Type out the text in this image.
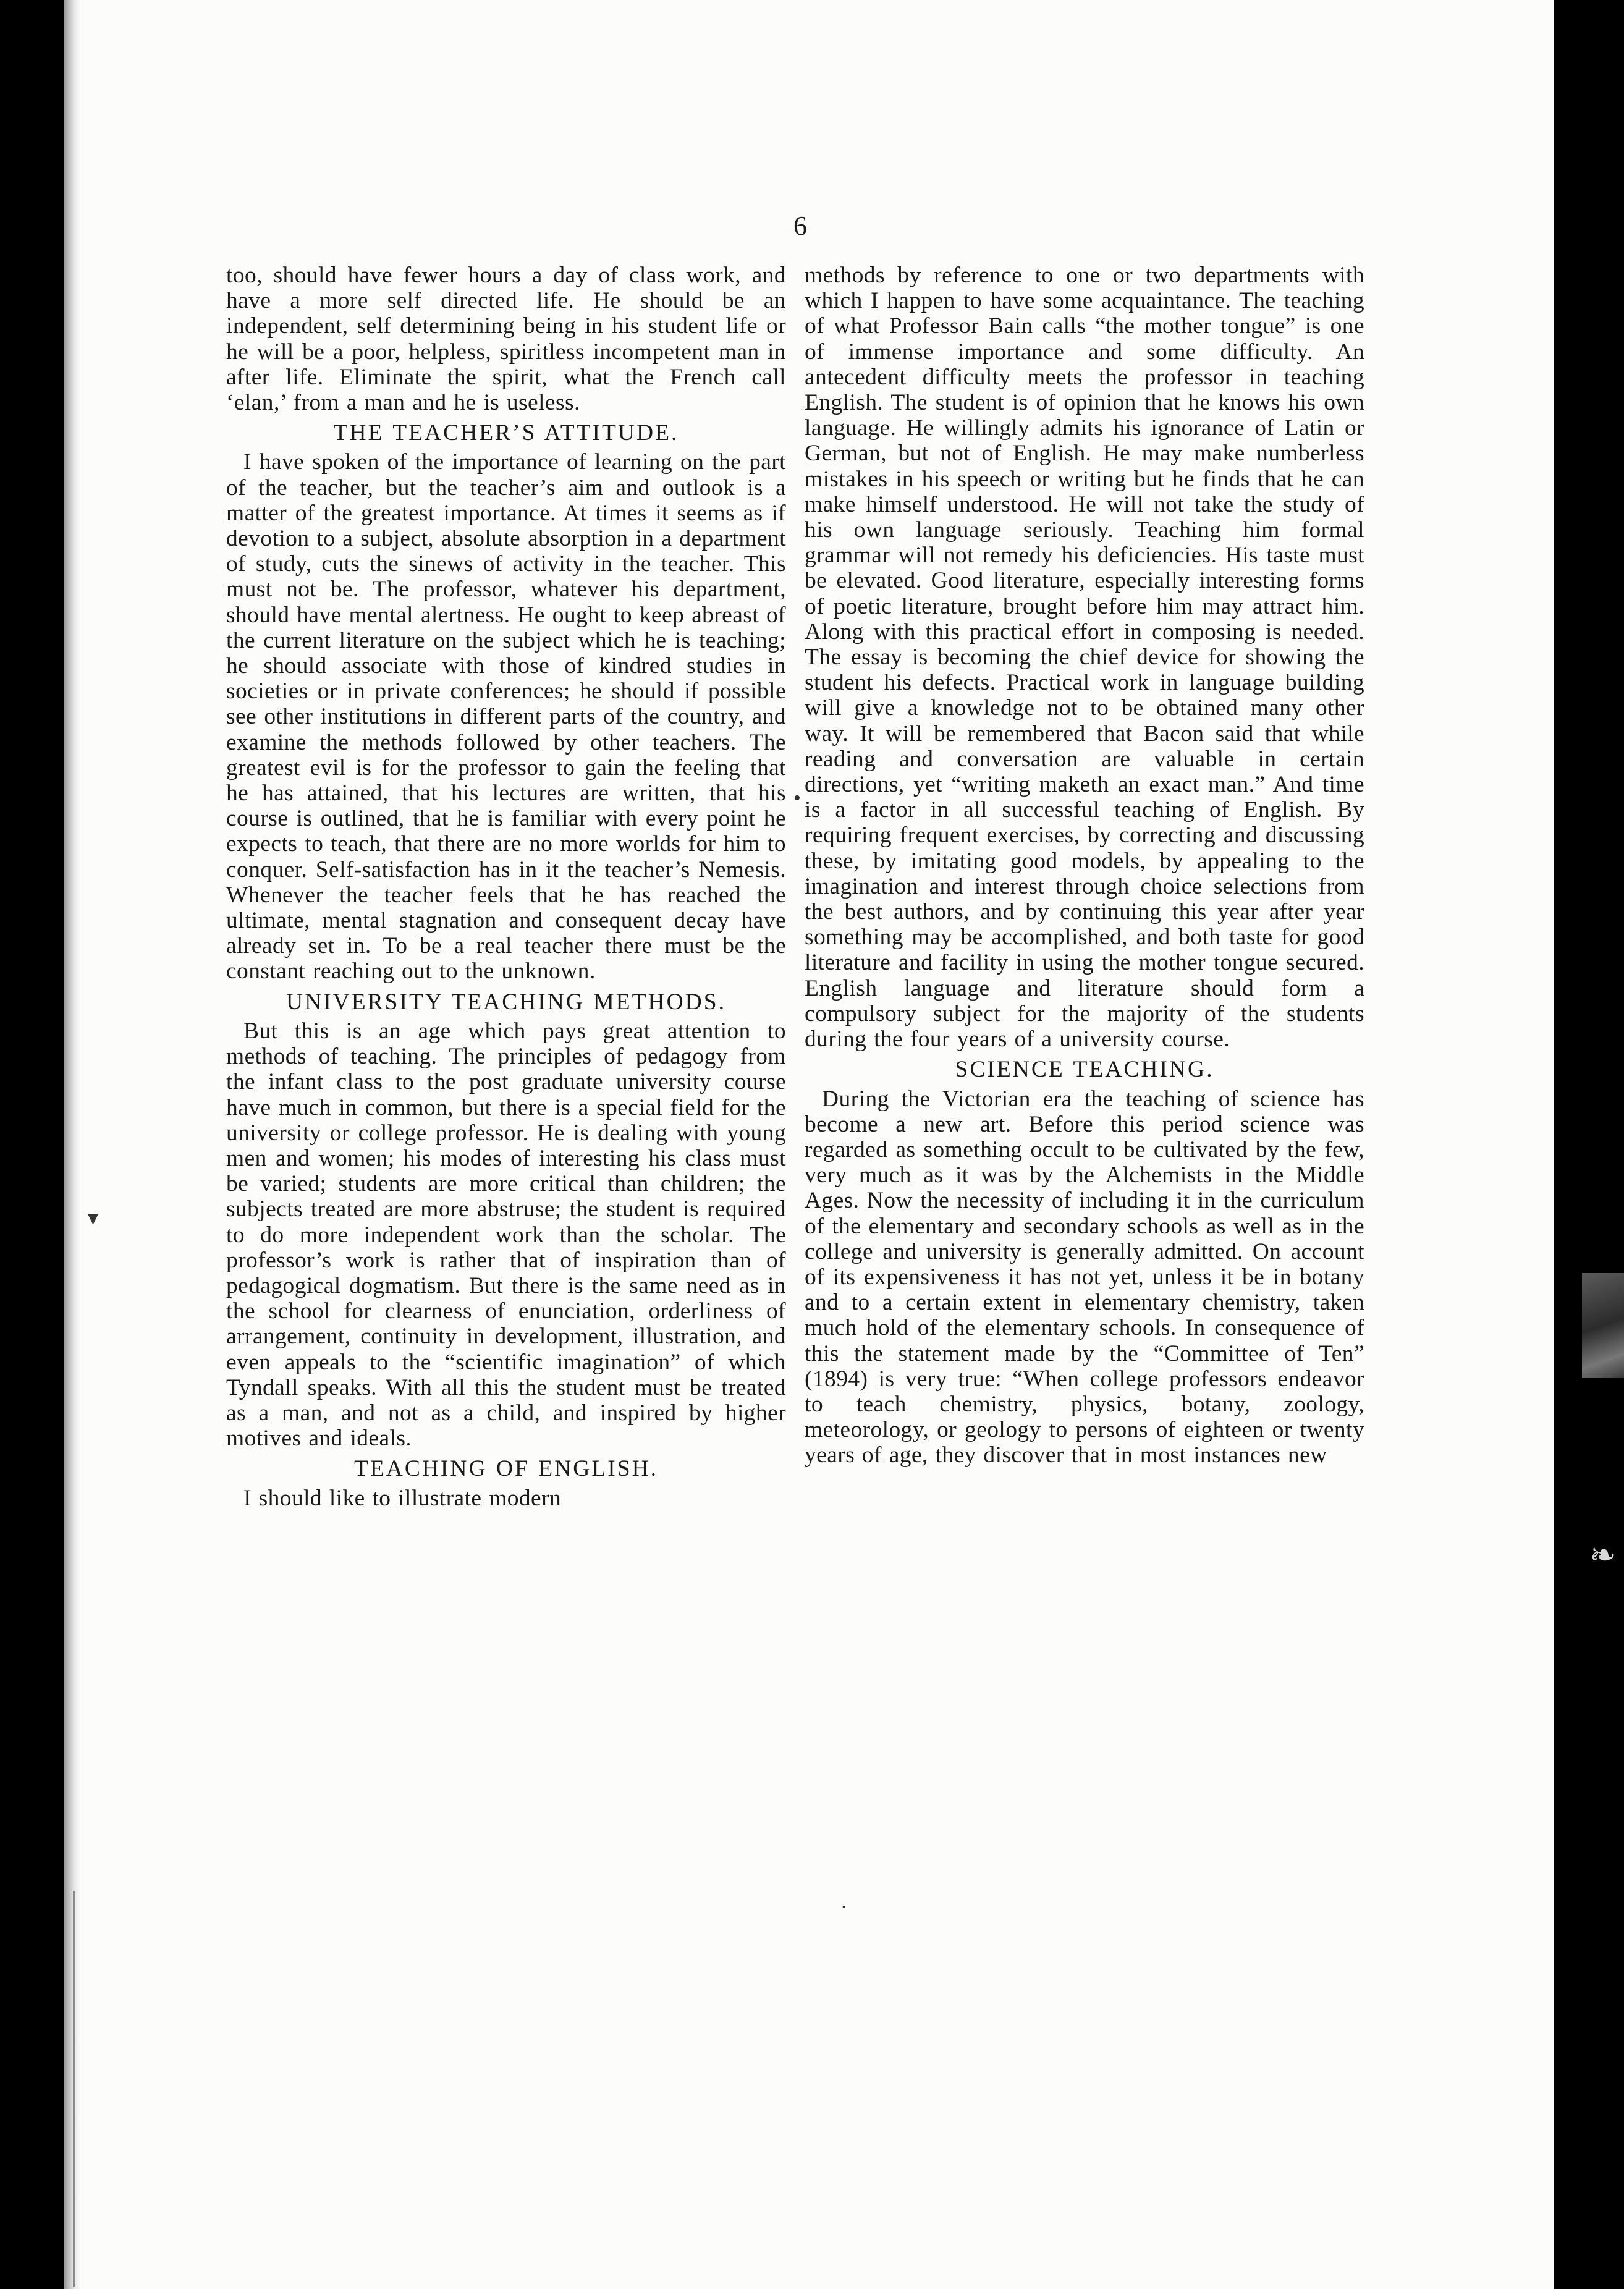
6
▾
•
·

too, should have fewer hours a day of class work, and have a more self directed life. He should be an independent, self determining being in his student life or he will be a poor, helpless, spiritless incompetent man in after life. Eliminate the spirit, what the French call ‘elan,’ from a man and he is useless.

THE TEACHER’S ATTITUDE.

I have spoken of the importance of learning on the part of the teacher, but the teacher’s aim and outlook is a matter of the greatest importance. At times it seems as if devotion to a subject, absolute absorption in a department of study, cuts the sinews of activity in the teacher. This must not be. The professor, whatever his department, should have mental alertness. He ought to keep abreast of the current literature on the subject which he is teaching; he should associate with those of kindred studies in societies or in private conferences; he should if possible see other institutions in different parts of the country, and examine the methods followed by other teachers. The greatest evil is for the professor to gain the feeling that he has attained, that his lectures are written, that his course is outlined, that he is familiar with every point he expects to teach, that there are no more worlds for him to conquer. Self-satisfaction has in it the teacher’s Nemesis. Whenever the teacher feels that he has reached the ultimate, mental stagnation and consequent decay have already set in. To be a real teacher there must be the constant reaching out to the unknown.

UNIVERSITY TEACHING METHODS.

But this is an age which pays great attention to methods of teaching. The principles of pedagogy from the infant class to the post graduate university course have much in common, but there is a special field for the university or college professor. He is dealing with young men and women; his modes of interesting his class must be varied; students are more critical than children; the subjects treated are more abstruse; the student is required to do more independent work than the scholar. The professor’s work is rather that of inspiration than of pedagogical dogmatism. But there is the same need as in the school for clearness of enunciation, orderliness of arrangement, continuity in development, illustration, and even appeals to the “scientific imagination” of which Tyndall speaks. With all this the student must be treated as a man, and not as a child, and inspired by higher motives and ideals.

TEACHING OF ENGLISH.

I should like to illustrate modern

methods by reference to one or two departments with which I happen to have some acquaintance. The teaching of what Professor Bain calls “the mother tongue” is one of immense importance and some difficulty. An antecedent difficulty meets the professor in teaching English. The student is of opinion that he knows his own language. He willingly admits his ignorance of Latin or German, but not of English. He may make numberless mistakes in his speech or writing but he finds that he can make himself understood. He will not take the study of his own language seriously. Teaching him formal grammar will not remedy his deficiencies. His taste must be elevated. Good literature, especially interesting forms of poetic literature, brought before him may attract him. Along with this practical effort in composing is needed. The essay is becoming the chief device for showing the student his defects. Practical work in language building will give a knowledge not to be obtained many other way. It will be remembered that Bacon said that while reading and conversation are valuable in certain directions, yet “writing maketh an exact man.” And time is a factor in all successful teaching of English. By requiring frequent exercises, by correcting and discussing these, by imitating good models, by appealing to the imagination and interest through choice selections from the best authors, and by continuing this year after year something may be accomplished, and both taste for good literature and facility in using the mother tongue secured. English language and literature should form a compulsory subject for the majority of the students during the four years of a university course.

SCIENCE TEACHING.

During the Victorian era the teaching of science has become a new art. Before this period science was regarded as something occult to be cultivated by the few, very much as it was by the Alchemists in the Middle Ages. Now the necessity of including it in the curriculum of the elementary and secondary schools as well as in the college and university is generally admitted. On account of its expensiveness it has not yet, unless it be in botany and to a certain extent in elementary chemistry, taken much hold of the elementary schools. In consequence of this the statement made by the “Committee of Ten” (1894) is very true: “When college professors endeavor to teach chemistry, physics, botany, zoology, meteorology, or geology to persons of eighteen or twenty years of age, they discover that in most instances new

❧
